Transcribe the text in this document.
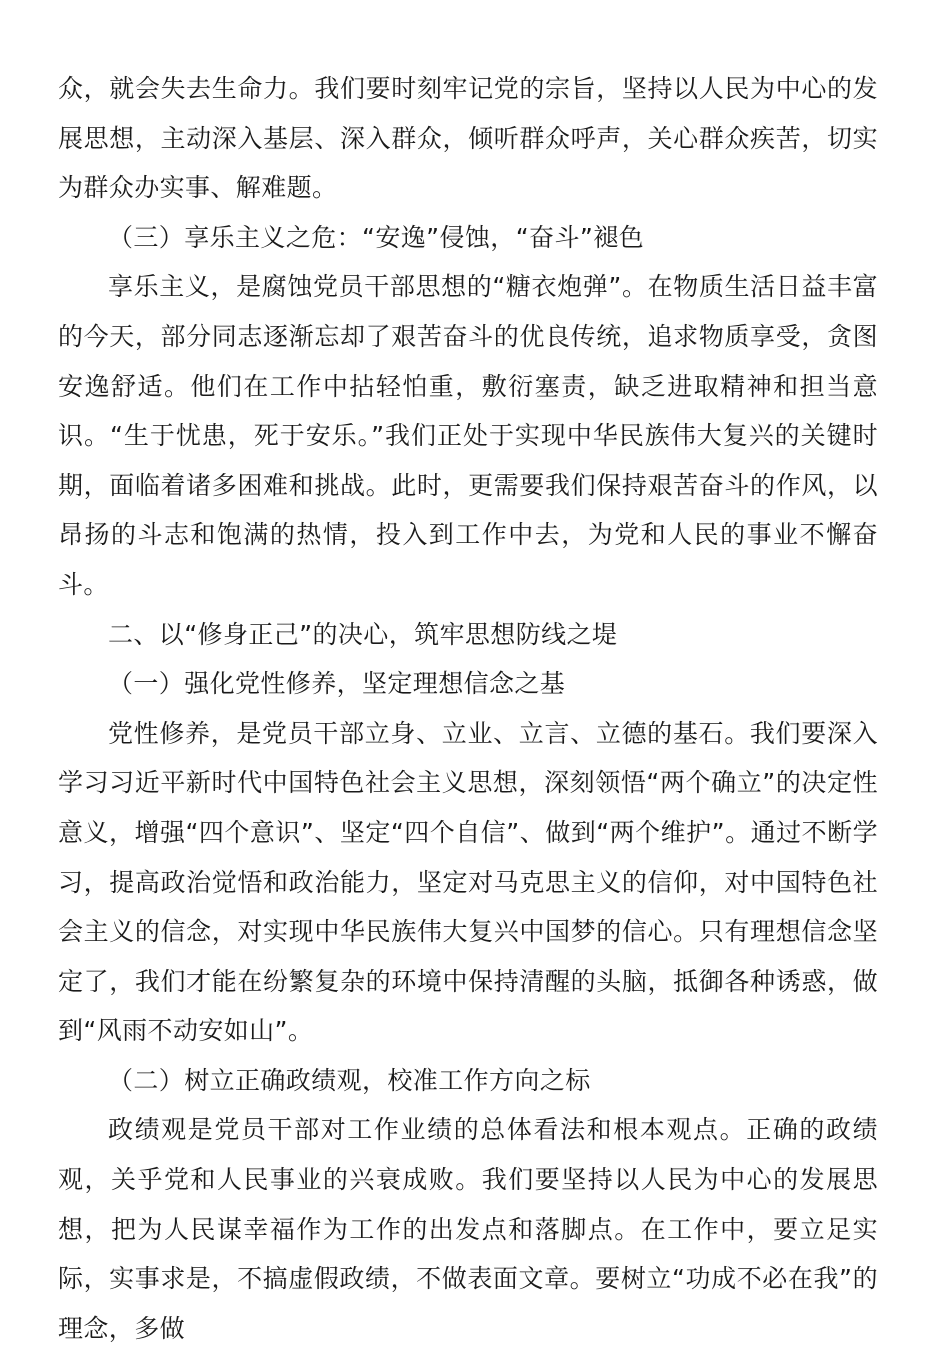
众，就会失去生命力。我们要时刻牢记党的宗旨，坚持以人民为中心的发展思想，主动深入基层、深入群众，倾听群众呼声，关心群众疾苦，切实为群众办实事、解难题。

（三）享乐主义之危：“安逸”侵蚀，“奋斗”褪色

享乐主义，是腐蚀党员干部思想的“糖衣炮弹”。在物质生活日益丰富的今天，部分同志逐渐忘却了艰苦奋斗的优良传统，追求物质享受，贪图安逸舒适。他们在工作中拈轻怕重，敷衍塞责，缺乏进取精神和担当意识。“生于忧患，死于安乐。”我们正处于实现中华民族伟大复兴的关键时期，面临着诸多困难和挑战。此时，更需要我们保持艰苦奋斗的作风，以昂扬的斗志和饱满的热情，投入到工作中去，为党和人民的事业不懈奋斗。

二、以“修身正己”的决心，筑牢思想防线之堤

（一）强化党性修养，坚定理想信念之基

党性修养，是党员干部立身、立业、立言、立德的基石。我们要深入学习习近平新时代中国特色社会主义思想，深刻领悟“两个确立”的决定性意义，增强“四个意识”、坚定“四个自信”、做到“两个维护”。通过不断学习，提高政治觉悟和政治能力，坚定对马克思主义的信仰，对中国特色社会主义的信念，对实现中华民族伟大复兴中国梦的信心。只有理想信念坚定了，我们才能在纷繁复杂的环境中保持清醒的头脑，抵御各种诱惑，做到“风雨不动安如山”。

（二）树立正确政绩观，校准工作方向之标

政绩观是党员干部对工作业绩的总体看法和根本观点。正确的政绩观，关乎党和人民事业的兴衰成败。我们要坚持以人民为中心的发展思想，把为人民谋幸福作为工作的出发点和落脚点。在工作中，要立足实际，实事求是，不搞虚假政绩，不做表面文章。要树立“功成不必在我”的理念，多做
